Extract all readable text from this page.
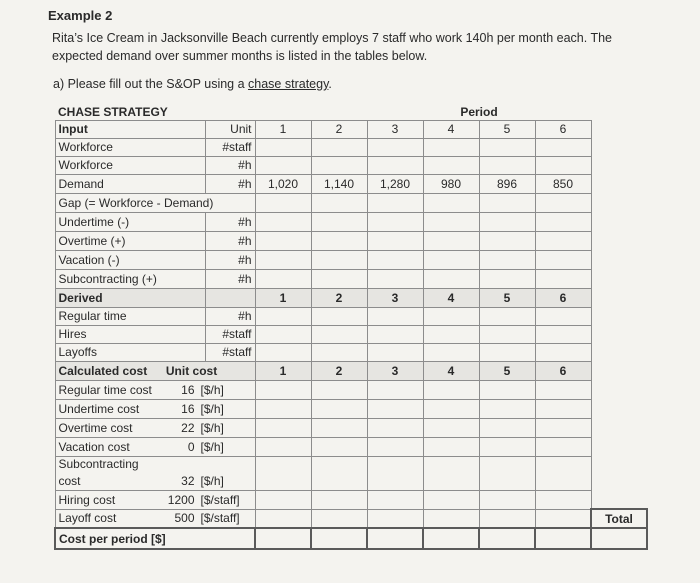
Example 2
Rita’s Ice Cream in Jacksonville Beach currently employs 7 staff who work 140h per month each. The expected demand over summer months is listed in the tables below.
a) Please fill out the S&OP using a chase strategy.
CHASE STRATEGY			Period					
Input	Unit	1	2	3	4	5	6	
Workforce	#staff							
Workforce	#h							
Demand	#h	1,020	1,140	1,280	980	896	850	
Gap (= Workforce - Demand)								
Undertime (-)	#h							
Overtime (+)	#h							
Vacation (-)	#h							
Subcontracting (+)	#h							
Derived		1	2	3	4	5	6	
Regular time	#h							
Hires	#staff							
Layoffs	#staff							
Calculated cost Unit cost		1	2	3	4	5	6	

Regular time cost 16 [$/h]								

Undertime cost 16 [$/h]								

Overtime cost 22 [$/h]								

Vacation cost 0 [$/h]								

Subcontracting
cost 32 [$/h]								

Hiring cost 1200 [$/staff]								

Layoff cost 500 [$/staff]								Total
Cost per period [$]								
